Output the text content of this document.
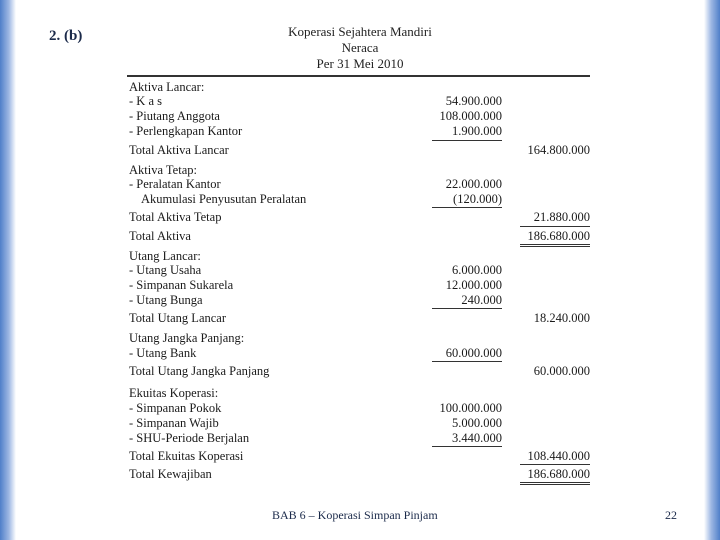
2. (b)	Koperasi Sejahtera Mandiri
Neraca
Per 31 Mei 2010
Aktiva Lancar:
- K a s	54.900.000
- Piutang Anggota	108.000.000
- Perlengkapan Kantor	1.900.000
Total Aktiva Lancar	164.800.000
Aktiva Tetap:
- Peralatan Kantor	22.000.000
Akumulasi Penyusutan Peralatan	(120.000)
Total Aktiva Tetap	21.880.000
Total Aktiva	186.680.000
Utang Lancar:
- Utang Usaha	6.000.000
- Simpanan Sukarela	12.000.000
- Utang Bunga	240.000
Total Utang Lancar	18.240.000
Utang Jangka Panjang:
- Utang Bank	60.000.000
Total Utang Jangka Panjang	60.000.000
Ekuitas Koperasi:
- Simpanan Pokok	100.000.000
- Simpanan Wajib	5.000.000
- SHU-Periode Berjalan	3.440.000
Total Ekuitas Koperasi	108.440.000
Total Kewajiban	186.680.000
BAB 6 – Koperasi Simpan Pinjam	22
